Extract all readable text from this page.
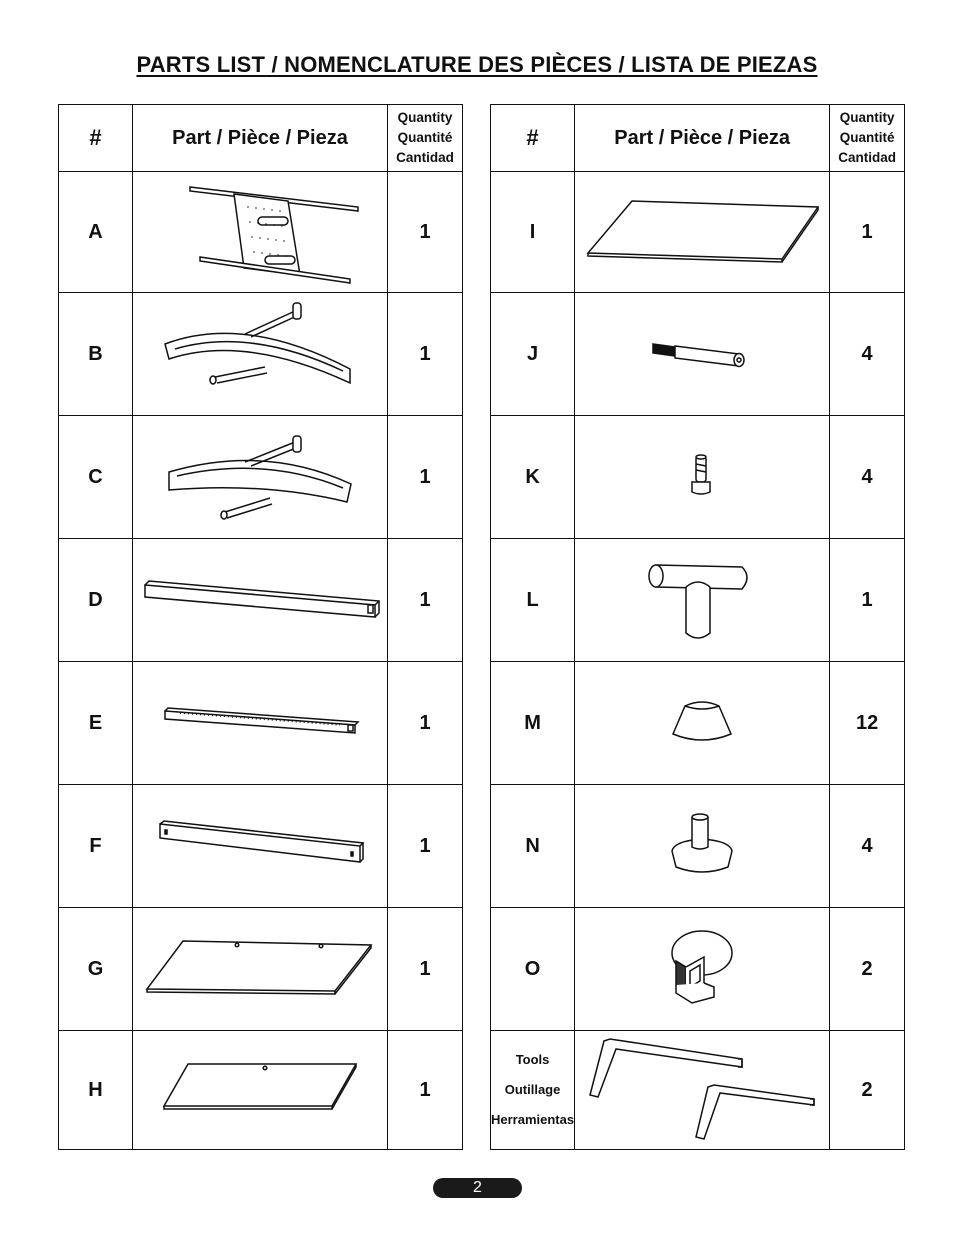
PARTS LIST / NOMENCLATURE DES PIÈCES / LISTA DE PIEZAS
#	Part / Pièce / Pieza	Quantity
Quantité
Cantidad

A		1
B		1
C		1
D		1
E		1
F		1
G		1
H		1
#	Part / Pièce / Pieza	Quantity
Quantité
Cantidad

I		1
J		4
K		4
L		1
M		12
N		4
O		2

Tools
Outillage
Herramientas		2
2
